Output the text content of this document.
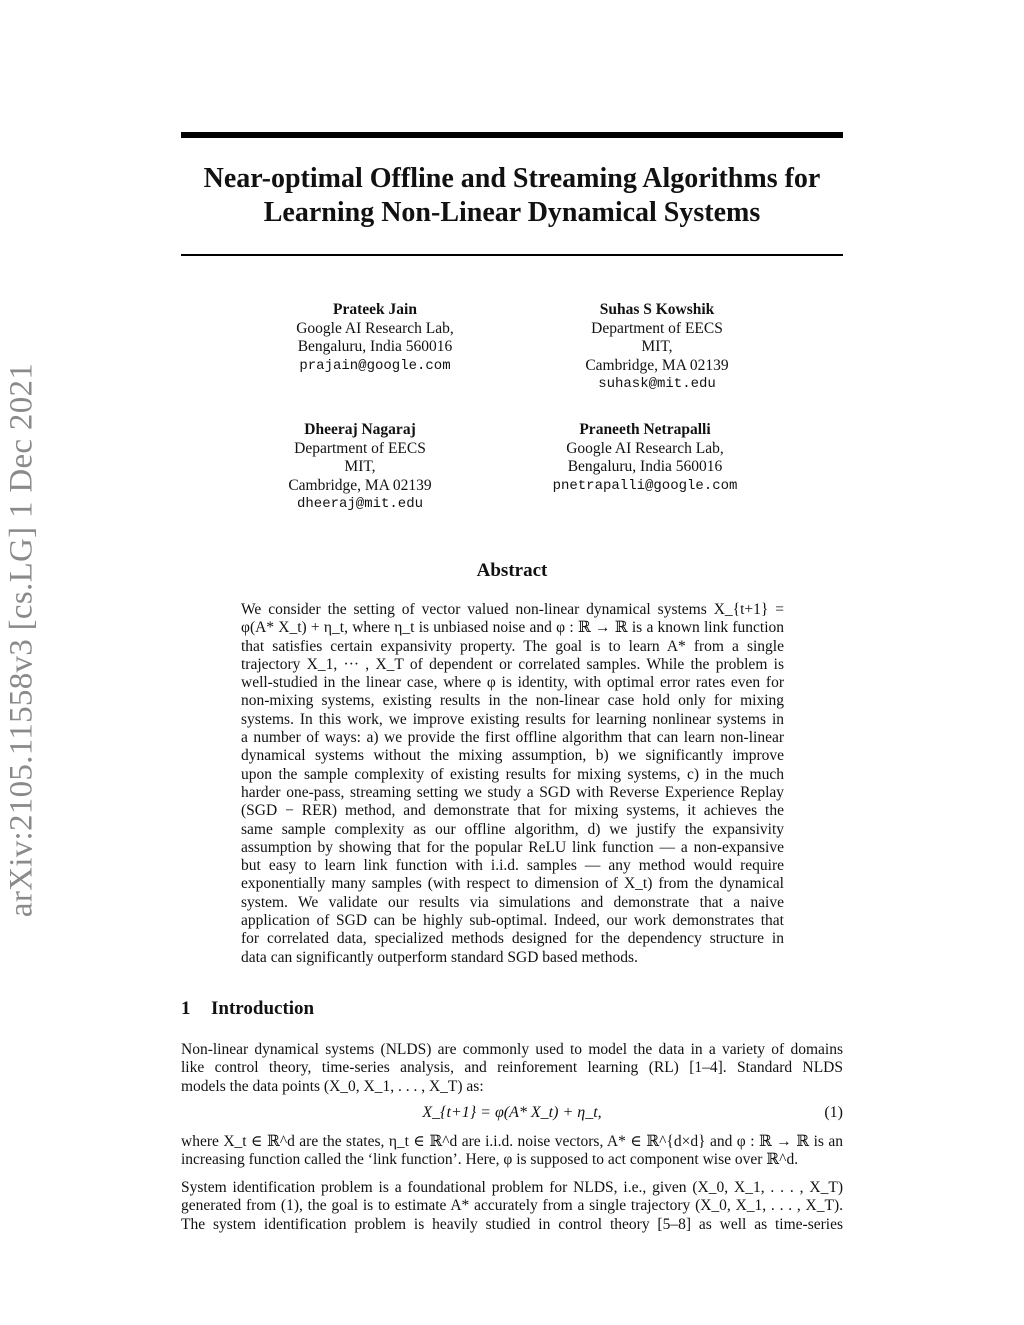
arXiv:2105.11558v3 [cs.LG] 1 Dec 2021
Near-optimal Offline and Streaming Algorithms for
Learning Non-Linear Dynamical Systems
Prateek Jain
Google AI Research Lab,
Bengaluru, India 560016
prajain@google.com
Suhas S Kowshik
Department of EECS
MIT,
Cambridge, MA 02139
suhask@mit.edu
Dheeraj Nagaraj
Department of EECS
MIT,
Cambridge, MA 02139
dheeraj@mit.edu
Praneeth Netrapalli
Google AI Research Lab,
Bengaluru, India 560016
pnetrapalli@google.com
Abstract
We consider the setting of vector valued non-linear dynamical systems X_{t+1} =
φ(A* X_t) + η_t, where η_t is unbiased noise and φ : ℝ → ℝ is a known link function
that satisfies certain expansivity property. The goal is to learn A* from a single
trajectory X_1, ··· , X_T of dependent or correlated samples. While the problem is
well-studied in the linear case, where φ is identity, with optimal error rates even for
non-mixing systems, existing results in the non-linear case hold only for mixing
systems. In this work, we improve existing results for learning nonlinear systems in
a number of ways: a) we provide the first offline algorithm that can learn non-linear
dynamical systems without the mixing assumption, b) we significantly improve
upon the sample complexity of existing results for mixing systems, c) in the much
harder one-pass, streaming setting we study a SGD with Reverse Experience Replay
(SGD − RER) method, and demonstrate that for mixing systems, it achieves the
same sample complexity as our offline algorithm, d) we justify the expansivity
assumption by showing that for the popular ReLU link function — a non-expansive
but easy to learn link function with i.i.d. samples — any method would require
exponentially many samples (with respect to dimension of X_t) from the dynamical
system. We validate our results via simulations and demonstrate that a naive
application of SGD can be highly sub-optimal. Indeed, our work demonstrates that
for correlated data, specialized methods designed for the dependency structure in
data can significantly outperform standard SGD based methods.
1 Introduction
Non-linear dynamical systems (NLDS) are commonly used to model the data in a variety of domains
like control theory, time-series analysis, and reinforement learning (RL) [1–4]. Standard NLDS
models the data points (X_0, X_1, . . . , X_T) as:
X_{t+1} = φ(A* X_t) + η_t,	(1)
where X_t ∈ ℝ^d are the states, η_t ∈ ℝ^d are i.i.d. noise vectors, A* ∈ ℝ^{d×d} and φ : ℝ → ℝ is an
increasing function called the ‘link function’. Here, φ is supposed to act component wise over ℝ^d.
System identification problem is a foundational problem for NLDS, i.e., given (X_0, X_1, . . . , X_T)
generated from (1), the goal is to estimate A* accurately from a single trajectory (X_0, X_1, . . . , X_T).
The system identification problem is heavily studied in control theory [5–8] as well as time-series
